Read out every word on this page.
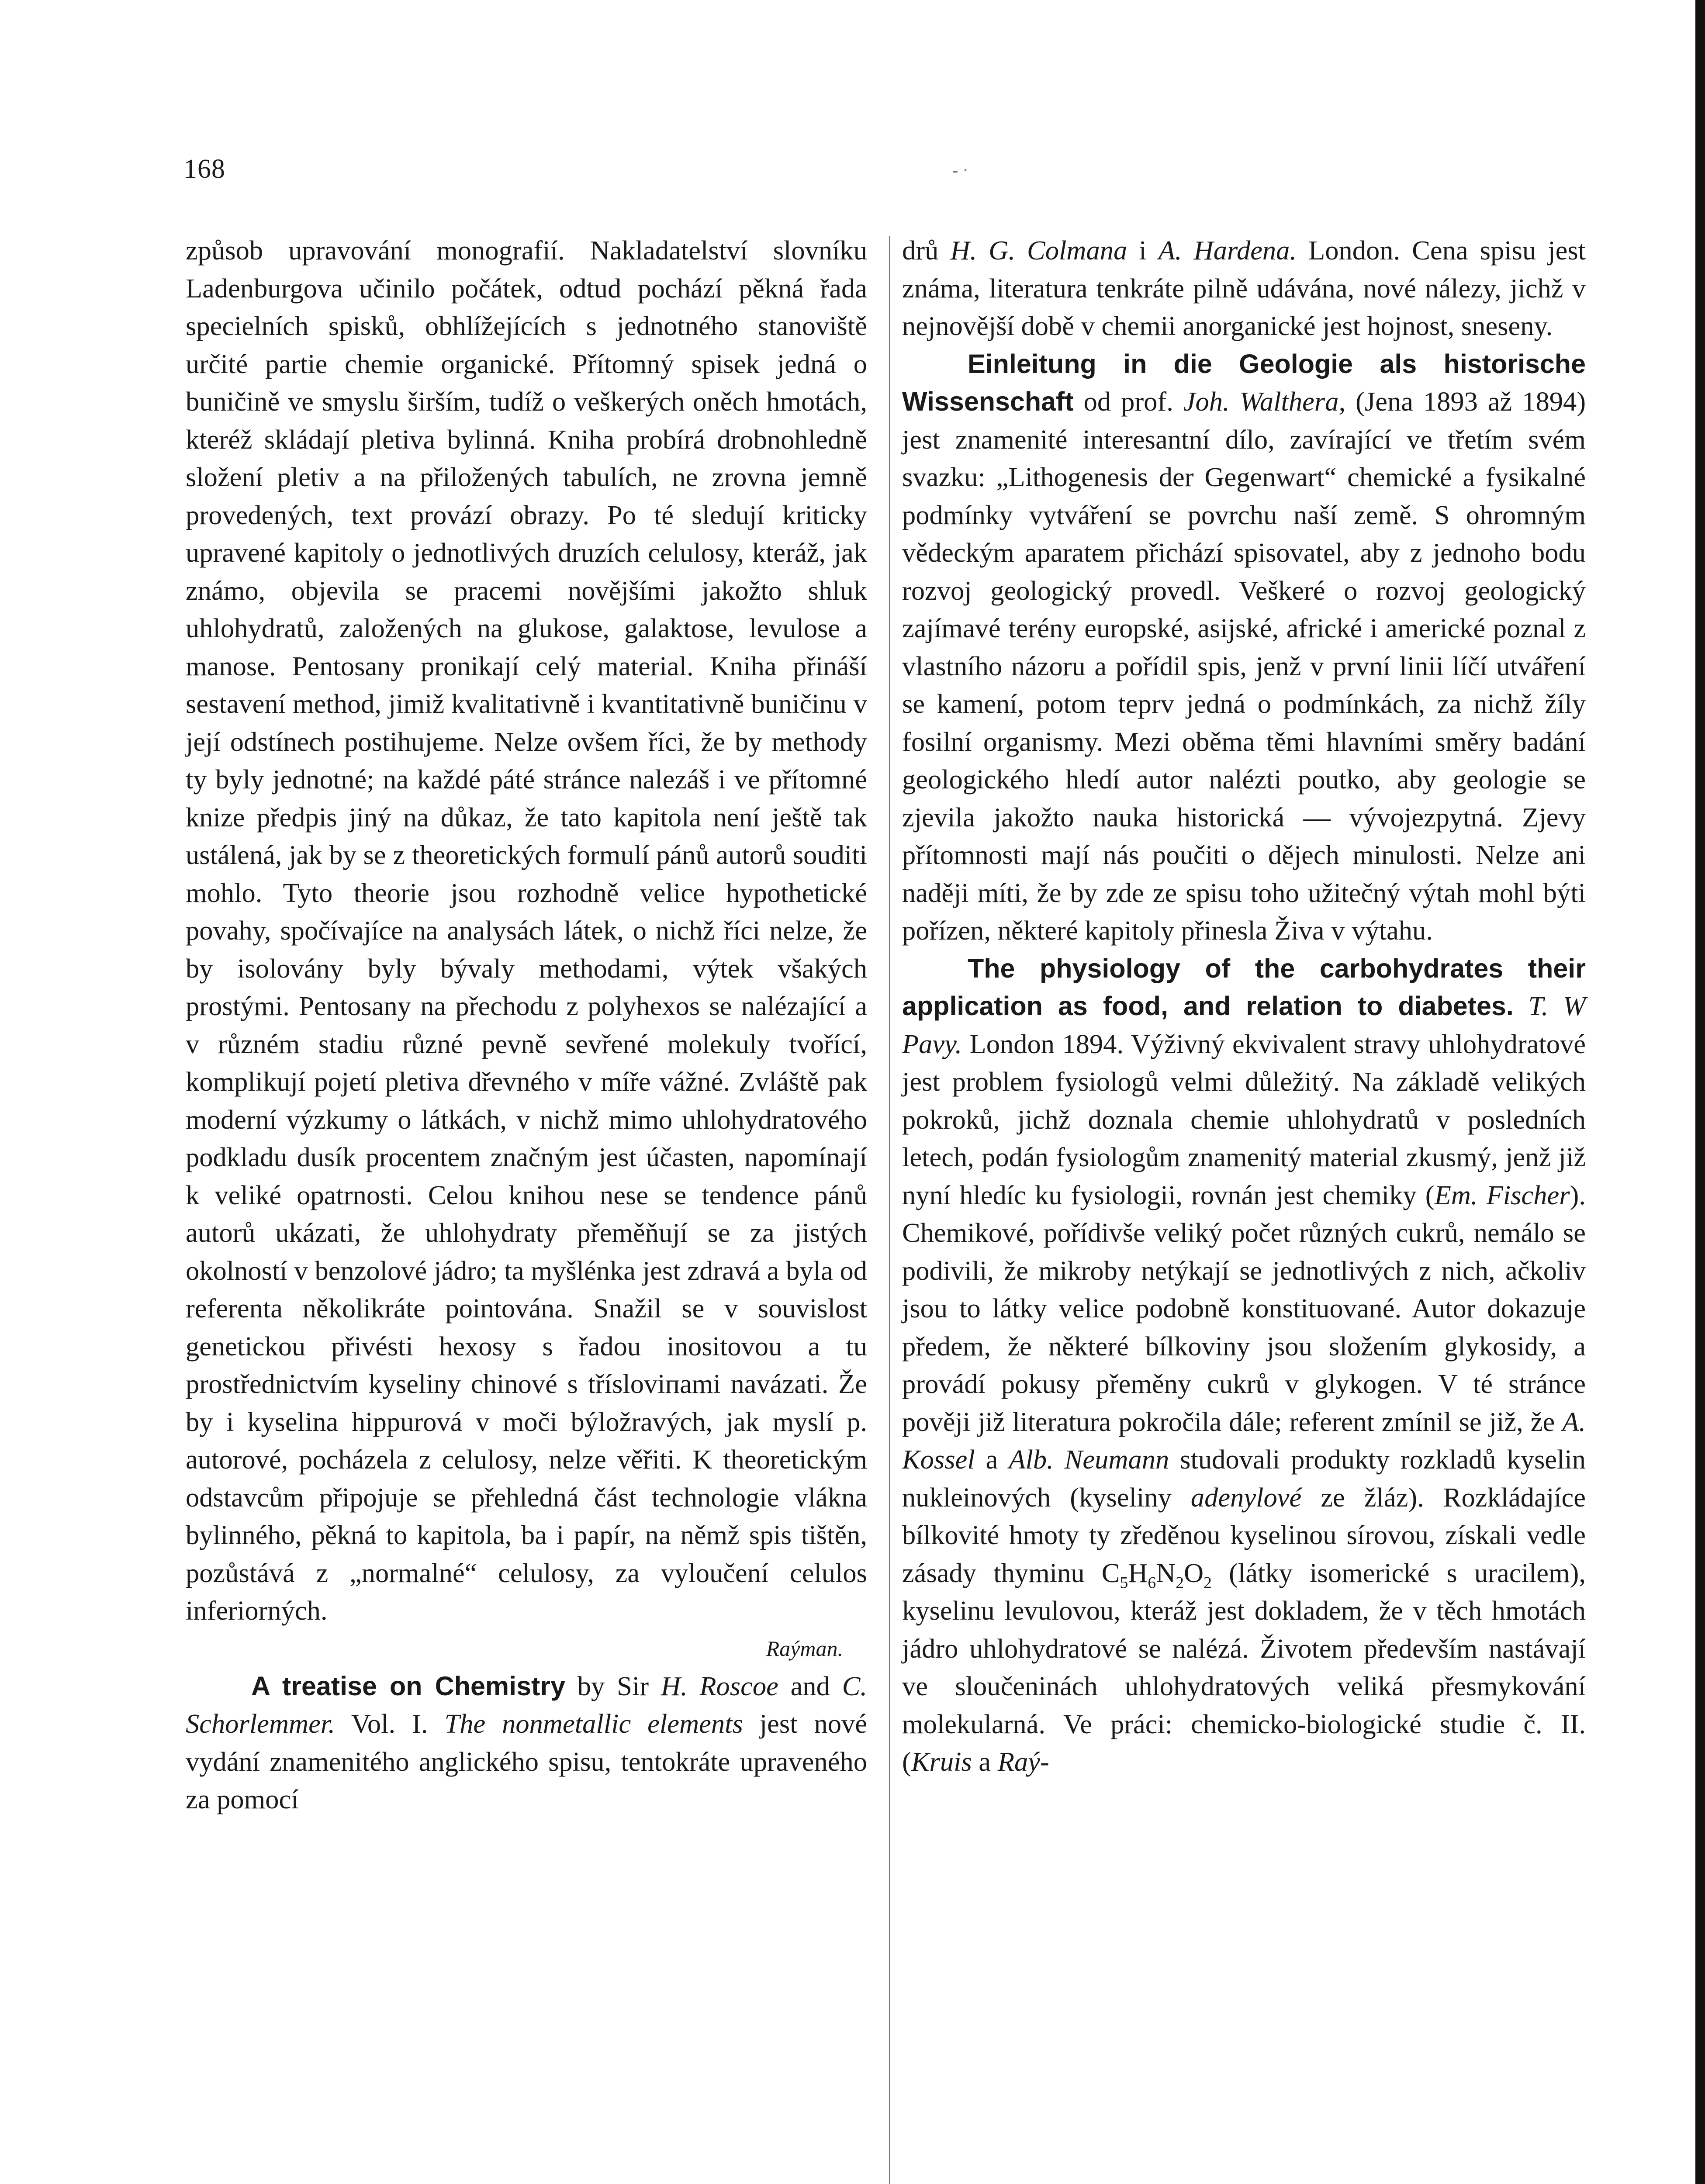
168	- ·

způsob upravování monografií. Nakladatelství slovníku Ladenburgova učinilo počátek, odtud pochází pěkná řada specielních spisků, obhlížejících s jednotného stanoviště určité partie chemie organické. Přítomný spisek jedná o buničině ve smyslu širším, tudíž o veškerých oněch hmotách, kteréž skládají pletiva bylinná. Kniha probírá drobnohledně složení pletiv a na přiložených tabulích, ne zrovna jemně provedených, text provází obrazy. Po té sledují kriticky upravené kapitoly o jednotlivých druzích celulosy, kteráž, jak známo, objevila se pracemi novějšími jakožto shluk uhlohydratů, založených na glukose, galaktose, levulose a manose. Pentosany pronikají celý material. Kniha přináší sestavení method, jimiž kvalitativně i kvantitativně buničinu v její odstínech postihujeme. Nelze ovšem říci, že by methody ty byly jednotné; na každé páté stránce nalezáš i ve přítomné knize předpis jiný na důkaz, že tato kapitola není ještě tak ustálená, jak by se z theoretických formulí pánů autorů souditi mohlo. Tyto theorie jsou rozhodně velice hypothetické povahy, spočívajíce na analysách látek, o nichž říci nelze, že by isolovány byly bývaly methodami, výtek všakých prostými. Pentosany na přechodu z polyhexos se nalézající a v různém stadiu různé pevně sevřené molekuly tvořící, komplikují pojetí pletiva dřevného v míře vážné. Zvláště pak moderní výzkumy o látkách, v nichž mimo uhlohydratového podkladu dusík procentem značným jest účasten, napomínají k veliké opatrnosti. Celou knihou nese se tendence pánů autorů ukázati, že uhlohydraty přeměňují se za jistých okolností v benzolové jádro; ta myšlénka jest zdravá a byla od referenta několikráte pointována. Snažil se v souvislost genetickou přivésti hexosy s řadou inositovou a tu prostřednictvím kyseliny chinové s třísloviпami navázati. Že by i kyselina hippurová v moči býložravých, jak myslí p. autorové, pocházela z celulosy, nelze věřiti. K theoretickým odstavcům připojuje se přehledná část technologie vlákna bylinného, pěkná to kapitola, ba i papír, na němž spis tištěn, pozůstává z „normalné“ celulosy, za vyloučení celulos inferiorných.

Raýman.

A treatise on Chemistry by Sir H. Roscoe and C. Schorlemmer. Vol. I. The nonmetallic elements jest nové vydání znamenitého anglického spisu, tentokráte upraveného za pomocí

drů H. G. Colmana i A. Hardena. London. Cena spisu jest známa, literatura tenkráte pilně udávána, nové nálezy, jichž v nejnovější době v chemii anorganické jest hojnost, sneseny.

Einleitung in die Geologie als historische Wissenschaft od prof. Joh. Walthera, (Jena 1893 až 1894) jest znamenité interesantní dílo, zavírající ve třetím svém svazku: „Lithogenesis der Gegenwart“ chemické a fysikalné podmínky vytváření se povrchu naší země. S ohromným vědeckým aparatem přichází spisovatel, aby z jednoho bodu rozvoj geologický provedl. Veškeré o rozvoj geologický zajímavé terény europské, asijské, africké i americké poznal z vlastního názoru a pořídil spis, jenž v první linii líčí utváření se kamení, potom teprv jedná o podmínkách, za nichž žíly fosilní organismy. Mezi oběma těmi hlavními směry badání geologického hledí autor nalézti poutko, aby geologie se zjevila jakožto nauka historická — vývojezpytná. Zjevy přítomnosti mají nás poučiti o dějech minulosti. Nelze ani naději míti, že by zde ze spisu toho užitečný výtah mohl býti pořízen, některé kapitoly přinesla Živa v výtahu.

The physiology of the carbohydrates their application as food, and relation to diabetes. T. W Pavy. London 1894. Výživný ekvivalent stravy uhlohydratové jest problem fysiologů velmi důležitý. Na základě velikých pokroků, jichž doznala chemie uhlohydratů v posledních letech, podán fysiologům znamenitý material zkusmý, jenž již nyní hledíc ku fysiologii, rovnán jest chemiky (Em. Fischer). Chemikové, pořídivše veliký počet různých cukrů, nemálo se podivili, že mikroby netýkají se jednotlivých z nich, ačkoliv jsou to látky velice podobně konstituované. Autor dokazuje předem, že některé bílkoviny jsou složením glykosidy, a provádí pokusy přeměny cukrů v glykogen. V té stránce pověji již literatura pokročila dále; referent zmínil se již, že A. Kossel a Alb. Neumann studovali produkty rozkladů kyselin nukleinových (kyseliny adenylové ze žláz). Rozkládajíce bílkovité hmoty ty zředěnou kyselinou sírovou, získali vedle zásady thyminu $C_5H_6N_2O_2$ (látky isomerické s uracilem), kyselinu levulovou, kteráž jest dokladem, že v těch hmotách jádro uhlohydratové se nalézá. Životem především nastávají ve sloučeninách uhlohydratových veliká přesmykování molekularná. Ve práci: chemicko-biologické studie č. II. (Kruis a Raý-
